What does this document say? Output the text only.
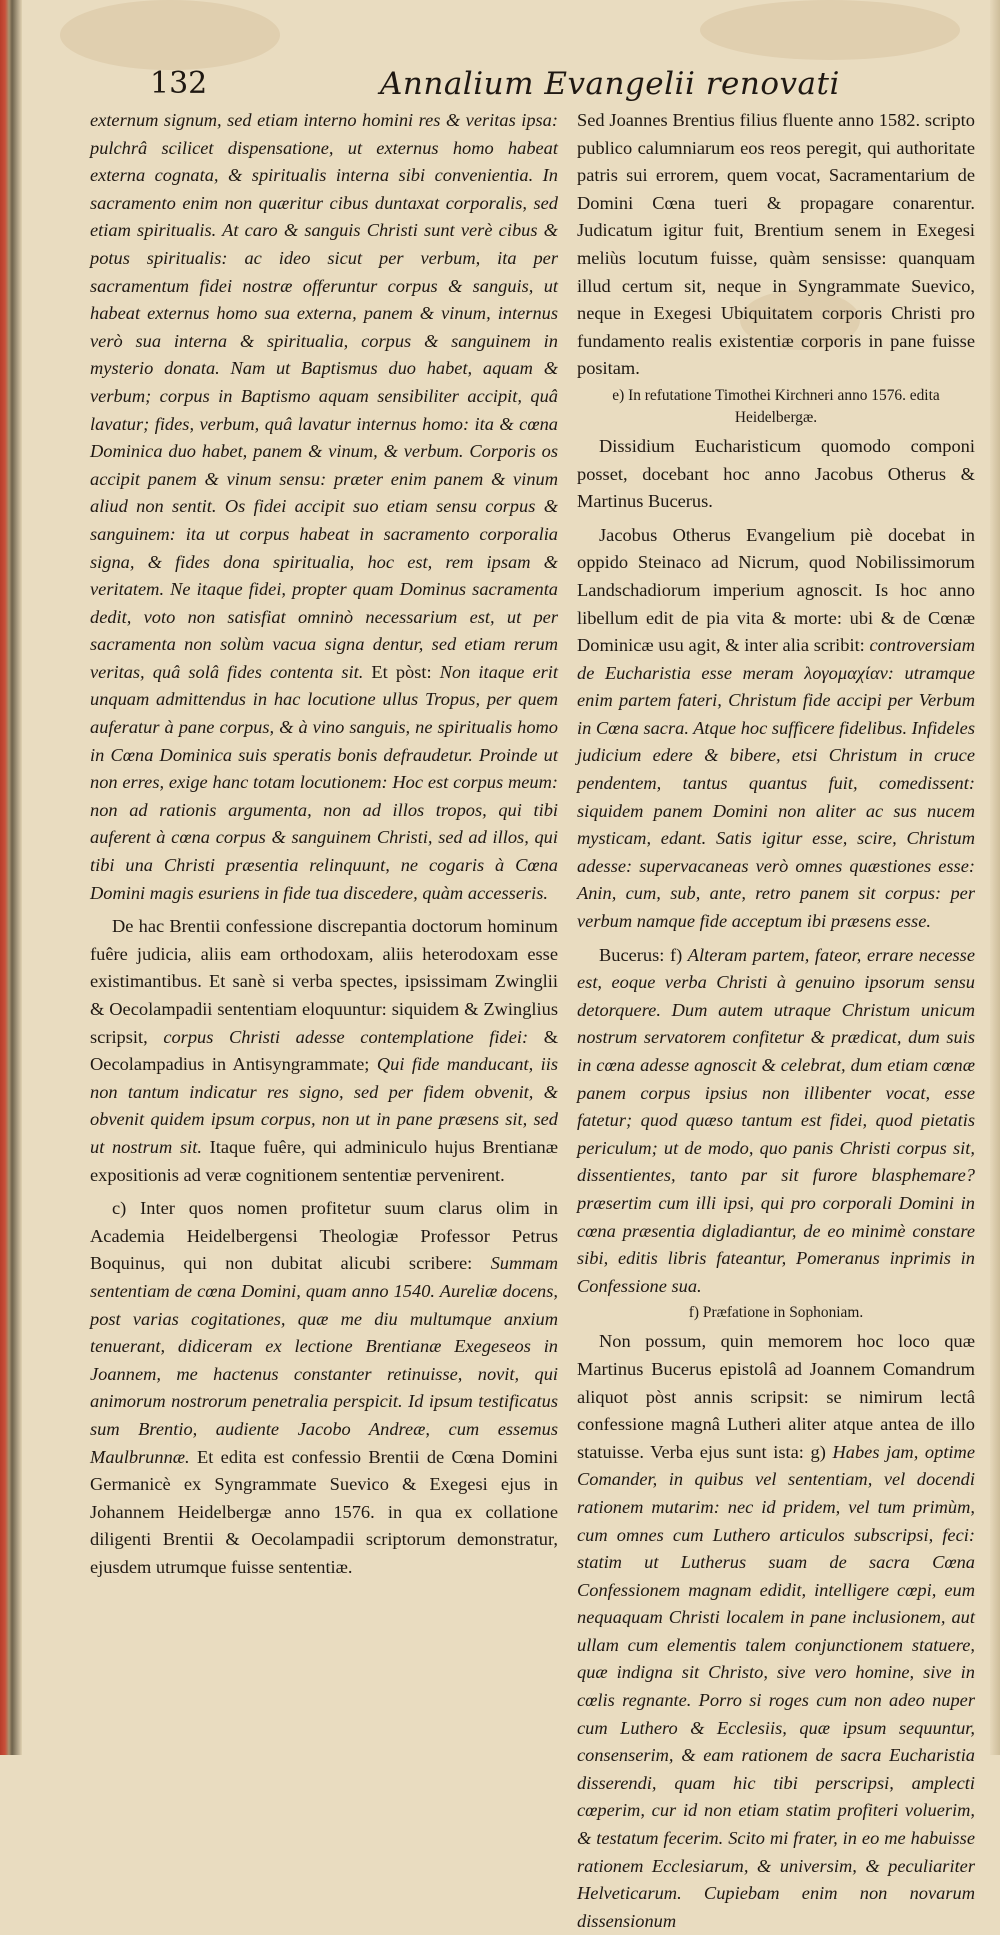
132	Annalium Evangelii renovati

externum signum, sed etiam interno homini res & veritas ipsa: pulchrâ scilicet dispensatione, ut externus homo habeat externa cognata, & spiritualis interna sibi convenientia. In sacramento enim non quæritur cibus duntaxat corporalis, sed etiam spiritualis. At caro & sanguis Christi sunt verè cibus & potus spiritualis: ac ideo sicut per verbum, ita per sacramentum fidei nostræ offeruntur corpus & sanguis, ut habeat externus homo sua externa, panem & vinum, internus verò sua interna & spiritualia, corpus & sanguinem in mysterio donata. Nam ut Baptismus duo habet, aquam & verbum; corpus in Baptismo aquam sensibiliter accipit, quâ lavatur; fides, verbum, quâ lavatur internus homo: ita & cœna Dominica duo habet, panem & vinum, & verbum. Corporis os accipit panem & vinum sensu: præter enim panem & vinum aliud non sentit. Os fidei accipit suo etiam sensu corpus & sanguinem: ita ut corpus habeat in sacramento corporalia signa, & fides dona spiritualia, hoc est, rem ipsam & veritatem. Ne itaque fidei, propter quam Dominus sacramenta dedit, voto non satisfiat omninò necessarium est, ut per sacramenta non solùm vacua signa dentur, sed etiam rerum veritas, quâ solâ fides contenta sit. Et pòst: Non itaque erit unquam admittendus in hac locutione ullus Tropus, per quem auferatur à pane corpus, & à vino sanguis, ne spiritualis homo in Cœna Dominica suis speratis bonis defraudetur. Proinde ut non erres, exige hanc totam locutionem: Hoc est corpus meum: non ad rationis argumenta, non ad illos tropos, qui tibi auferent à cœna corpus & sanguinem Christi, sed ad illos, qui tibi una Christi præsentia relinquunt, ne cogaris à Cœna Domini magis esuriens in fide tua discedere, quàm accesseris.

De hac Brentii confessione discrepantia doctorum hominum fuêre judicia, aliis eam orthodoxam, aliis heterodoxam esse existimantibus. Et sanè si verba spectes, ipsissimam Zwinglii & Oecolampadii sententiam eloquuntur: siquidem & Zwinglius scripsit, corpus Christi adesse contemplatione fidei: & Oecolampadius in Antisyngrammate; Qui fide manducant, iis non tantum indicatur res signo, sed per fidem obvenit, & obvenit quidem ipsum corpus, non ut in pane præsens sit, sed ut nostrum sit. Itaque fuêre, qui adminiculo hujus Brentianæ expositionis ad veræ cognitionem sententiæ pervenirent.

c) Inter quos nomen profitetur suum clarus olim in Academia Heidelbergensi Theologiæ Professor Petrus Boquinus, qui non dubitat alicubi scribere: Summam sententiam de cœna Domini, quam anno 1540. Aureliæ docens, post varias cogitationes, quæ me diu multumque anxium tenuerant, didiceram ex lectione Brentianæ Exegeseos in Joannem, me hactenus constanter retinuisse, novit, qui animorum nostrorum penetralia perspicit. Id ipsum testificatus sum Brentio, audiente Jacobo Andreæ, cum essemus Maulbrunnæ. Et edita est confessio Brentii de Cœna Domini Germanicè ex Syngrammate Suevico & Exegesi ejus in Johannem Heidelbergæ anno 1576. in qua ex collatione diligenti Brentii & Oecolampadii scriptorum demonstratur, ejusdem utrumque fuisse sententiæ.

Sed Joannes Brentius filius fluente anno 1582. scripto publico calumniarum eos reos peregit, qui authoritate patris sui errorem, quem vocat, Sacramentarium de Domini Cœna tueri & propagare conarentur. Judicatum igitur fuit, Brentium senem in Exegesi meliùs locutum fuisse, quàm sensisse: quanquam illud certum sit, neque in Syngrammate Suevico, neque in Exegesi Ubiquitatem corporis Christi pro fundamento realis existentiæ corporis in pane fuisse positam.

e) In refutatione Timothei Kirchneri anno 1576. edita Heidelbergæ.

Dissidium Eucharisticum quomodo componi posset, docebant hoc anno Jacobus Otherus & Martinus Bucerus.

Jacobus Otherus Evangelium piè docebat in oppido Steinaco ad Nicrum, quod Nobilissimorum Landschadiorum imperium agnoscit. Is hoc anno libellum edit de pia vita & morte: ubi & de Cœnæ Dominicæ usu agit, & inter alia scribit: controversiam de Eucharistia esse meram λογομαχίαν: utramque enim partem fateri, Christum fide accipi per Verbum in Cœna sacra. Atque hoc sufficere fidelibus. Infideles judicium edere & bibere, etsi Christum in cruce pendentem, tantus quantus fuit, comedissent: siquidem panem Domini non aliter ac sus nucem mysticam, edant. Satis igitur esse, scire, Christum adesse: supervacaneas verò omnes quæstiones esse: Anin, cum, sub, ante, retro panem sit corpus: per verbum namque fide acceptum ibi præsens esse.

Bucerus: f) Alteram partem, fateor, errare necesse est, eoque verba Christi à genuino ipsorum sensu detorquere. Dum autem utraque Christum unicum nostrum servatorem confitetur & prædicat, dum suis in cœna adesse agnoscit & celebrat, dum etiam cœnæ panem corpus ipsius non illibenter vocat, esse fatetur; quod quæso tantum est fidei, quod pietatis periculum; ut de modo, quo panis Christi corpus sit, dissentientes, tanto par sit furore blasphemare? præsertim cum illi ipsi, qui pro corporali Domini in cœna præsentia digladiantur, de eo minimè constare sibi, editis libris fateantur, Pomeranus inprimis in Confessione sua.

f) Præfatione in Sophoniam.

Non possum, quin memorem hoc loco quæ Martinus Bucerus epistolâ ad Joannem Comandrum aliquot pòst annis scripsit: se nimirum lectâ confessione magnâ Lutheri aliter atque antea de illo statuisse. Verba ejus sunt ista: g) Habes jam, optime Comander, in quibus vel sententiam, vel docendi rationem mutarim: nec id pridem, vel tum primùm, cum omnes cum Luthero articulos subscripsi, feci: statim ut Lutherus suam de sacra Cœna Confessionem magnam edidit, intelligere cœpi, eum nequaquam Christi localem in pane inclusionem, aut ullam cum elementis talem conjunctionem statuere, quæ indigna sit Christo, sive vero homine, sive in cœlis regnante. Porro si roges cum non adeo nuper cum Luthero & Ecclesiis, quæ ipsum sequuntur, consenserim, & eam rationem de sacra Eucharistia disserendi, quam hic tibi perscripsi, amplecti cœperim, cur id non etiam statim profiteri voluerim, & testatum fecerim. Scito mi frater, in eo me habuisse rationem Ecclesiarum, & universim, & peculiariter Helveticarum. Cupiebam enim non novarum dissensionum
